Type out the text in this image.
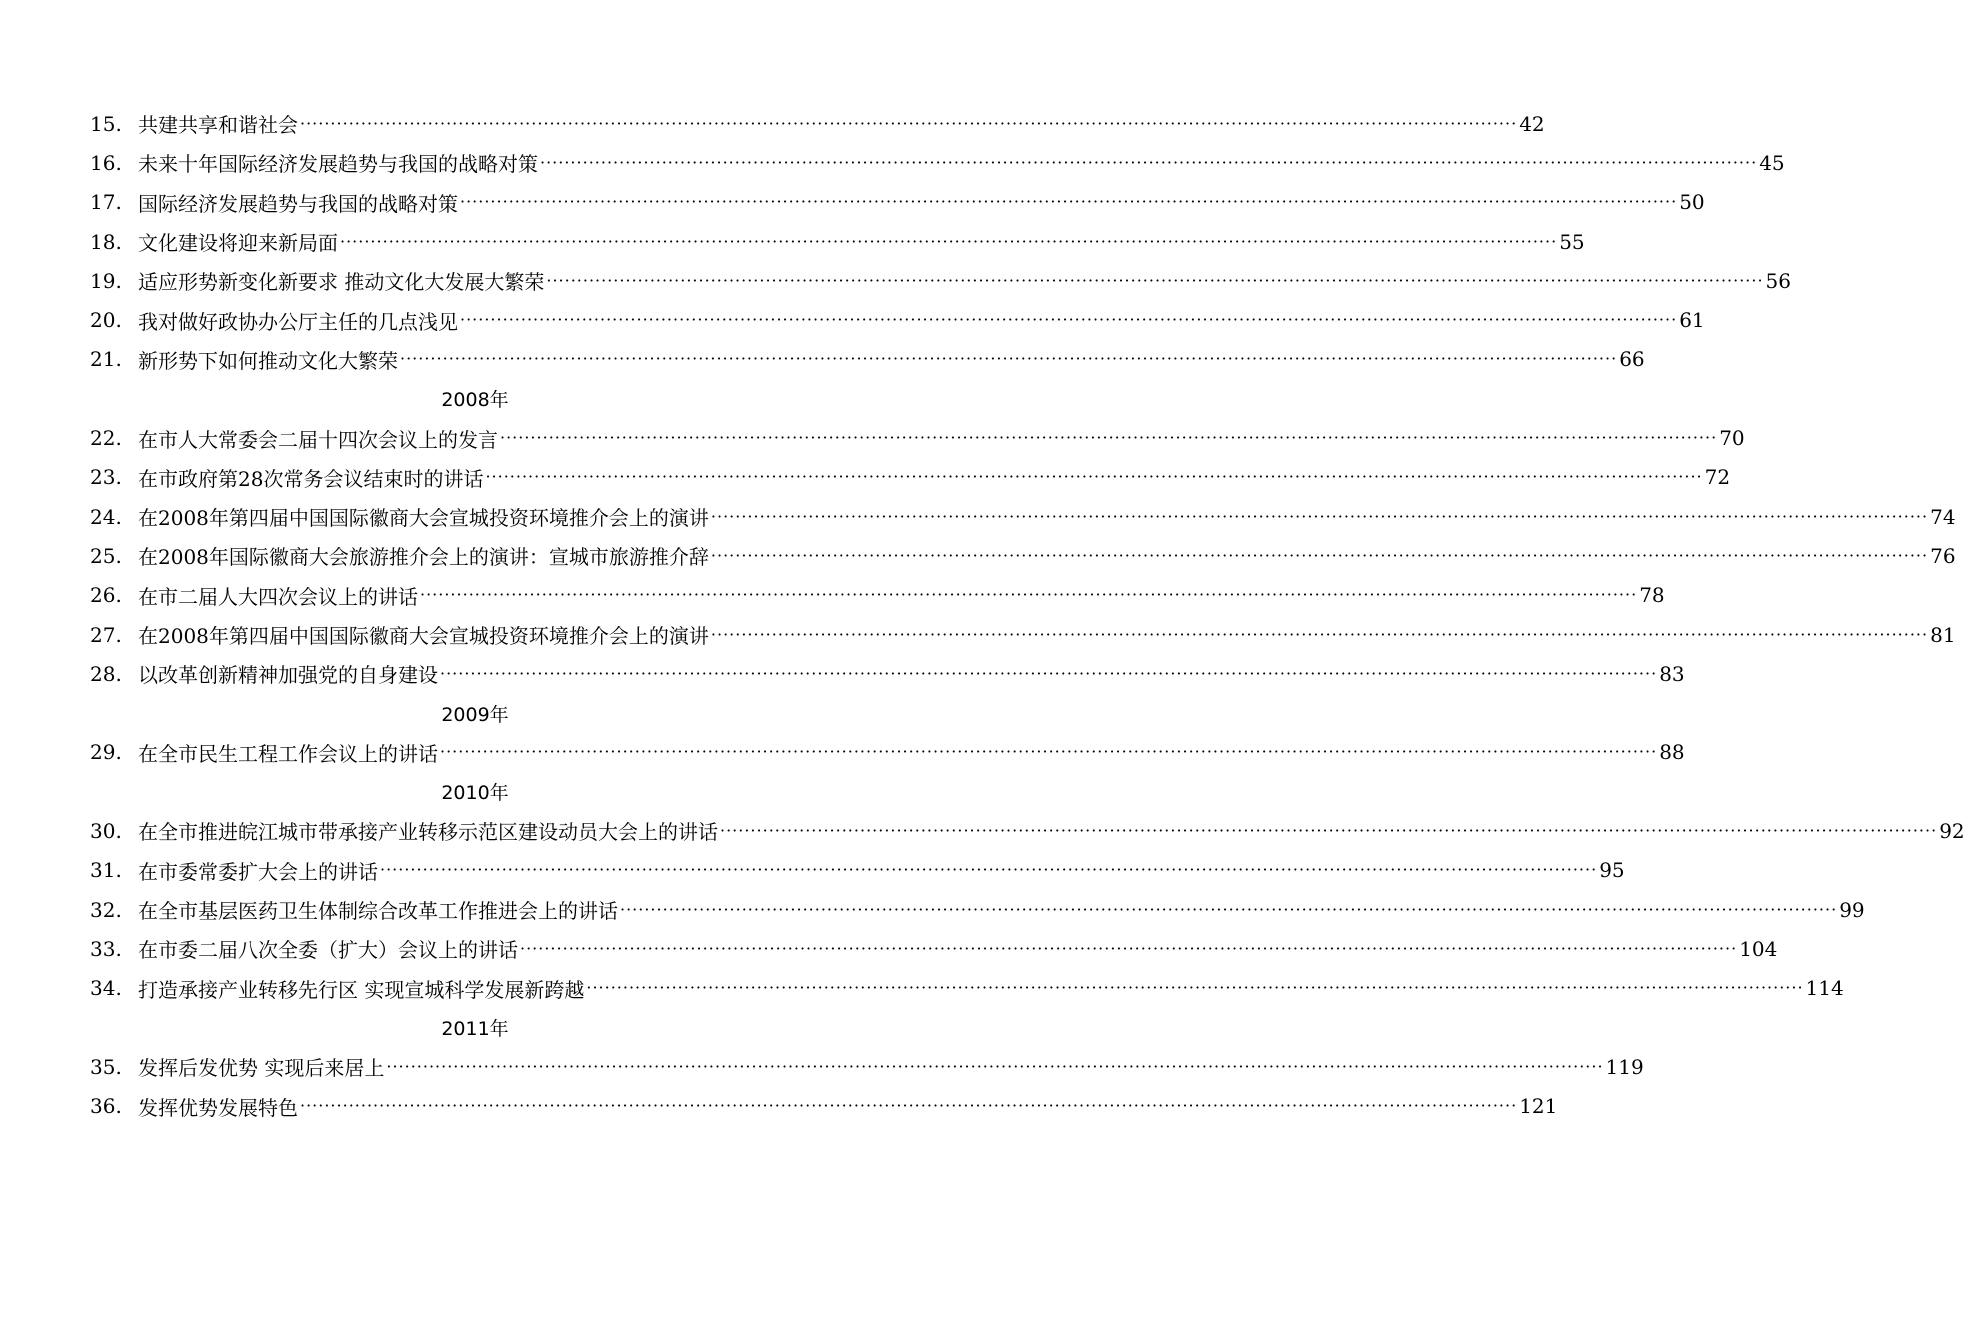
15. 共建共享和谐社会 ········································································································································································································ 42
16. 未来十年国际经济发展趋势与我国的战略对策 ········································································································································································································ 45
17. 国际经济发展趋势与我国的战略对策 ········································································································································································································ 50
18. 文化建设将迎来新局面 ········································································································································································································ 55
19. 适应形势新变化新要求 推动文化大发展大繁荣 ········································································································································································································ 56
20. 我对做好政协办公厅主任的几点浅见 ········································································································································································································ 61
21. 新形势下如何推动文化大繁荣 ········································································································································································································ 66
2008年
22. 在市人大常委会二届十四次会议上的发言 ········································································································································································································ 70
23. 在市政府第28次常务会议结束时的讲话 ········································································································································································································ 72
24. 在2008年第四届中国国际徽商大会宣城投资环境推介会上的演讲 ········································································································································································································ 74
25. 在2008年国际徽商大会旅游推介会上的演讲：宣城市旅游推介辞 ········································································································································································································ 76
26. 在市二届人大四次会议上的讲话 ········································································································································································································ 78
27. 在2008年第四届中国国际徽商大会宣城投资环境推介会上的演讲 ········································································································································································································ 81
28. 以改革创新精神加强党的自身建设 ········································································································································································································ 83
2009年
29. 在全市民生工程工作会议上的讲话 ········································································································································································································ 88
2010年
30. 在全市推进皖江城市带承接产业转移示范区建设动员大会上的讲话 ········································································································································································································ 92
31. 在市委常委扩大会上的讲话 ········································································································································································································ 95
32. 在全市基层医药卫生体制综合改革工作推进会上的讲话 ········································································································································································································ 99
33. 在市委二届八次全委（扩大）会议上的讲话 ········································································································································································································ 104
34. 打造承接产业转移先行区 实现宣城科学发展新跨越 ········································································································································································································ 114
2011年
35. 发挥后发优势 实现后来居上 ········································································································································································································ 119
36. 发挥优势发展特色 ········································································································································································································ 121
